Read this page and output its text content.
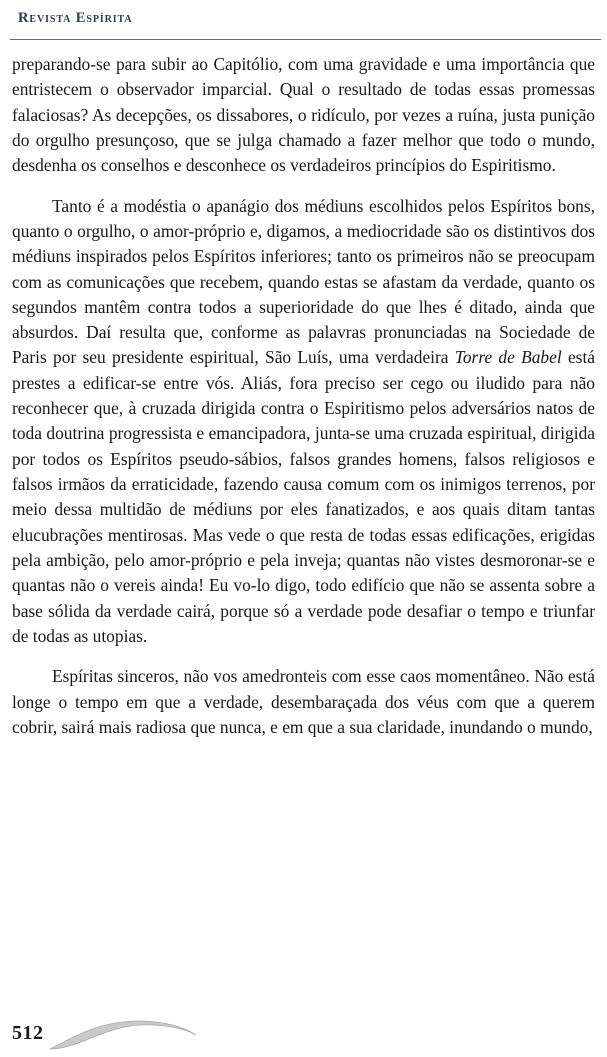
Revista Espírita

preparando-se para subir ao Capitólio, com uma gravidade e uma importância que entristecem o observador imparcial. Qual o resultado de todas essas promessas falaciosas? As decepções, os dissabores, o ridículo, por vezes a ruína, justa punição do orgulho presunçoso, que se julga chamado a fazer melhor que todo o mundo, desdenha os conselhos e desconhece os verdadeiros princípios do Espiritismo.

Tanto é a modéstia o apanágio dos médiuns escolhidos pelos Espíritos bons, quanto o orgulho, o amor-próprio e, digamos, a mediocridade são os distintivos dos médiuns inspirados pelos Espíritos inferiores; tanto os primeiros não se preocupam com as comunicações que recebem, quando estas se afastam da verdade, quanto os segundos mantêm contra todos a superioridade do que lhes é ditado, ainda que absurdos. Daí resulta que, conforme as palavras pronunciadas na Sociedade de Paris por seu presidente espiritual, São Luís, uma verdadeira Torre de Babel está prestes a edificar-se entre vós. Aliás, fora preciso ser cego ou iludido para não reconhecer que, à cruzada dirigida contra o Espiritismo pelos adversários natos de toda doutrina progressista e emancipadora, junta-se uma cruzada espiritual, dirigida por todos os Espíritos pseudo-sábios, falsos grandes homens, falsos religiosos e falsos irmãos da erraticidade, fazendo causa comum com os inimigos terrenos, por meio dessa multidão de médiuns por eles fanatizados, e aos quais ditam tantas elucubrações mentirosas. Mas vede o que resta de todas essas edificações, erigidas pela ambição, pelo amor-próprio e pela inveja; quantas não vistes desmoronar-se e quantas não o vereis ainda! Eu vo-lo digo, todo edifício que não se assenta sobre a base sólida da verdade cairá, porque só a verdade pode desafiar o tempo e triunfar de todas as utopias.

Espíritas sinceros, não vos amedronteis com esse caos momentâneo. Não está longe o tempo em que a verdade, desembaraçada dos véus com que a querem cobrir, sairá mais radiosa que nunca, e em que a sua claridade, inundando o mundo,

512
